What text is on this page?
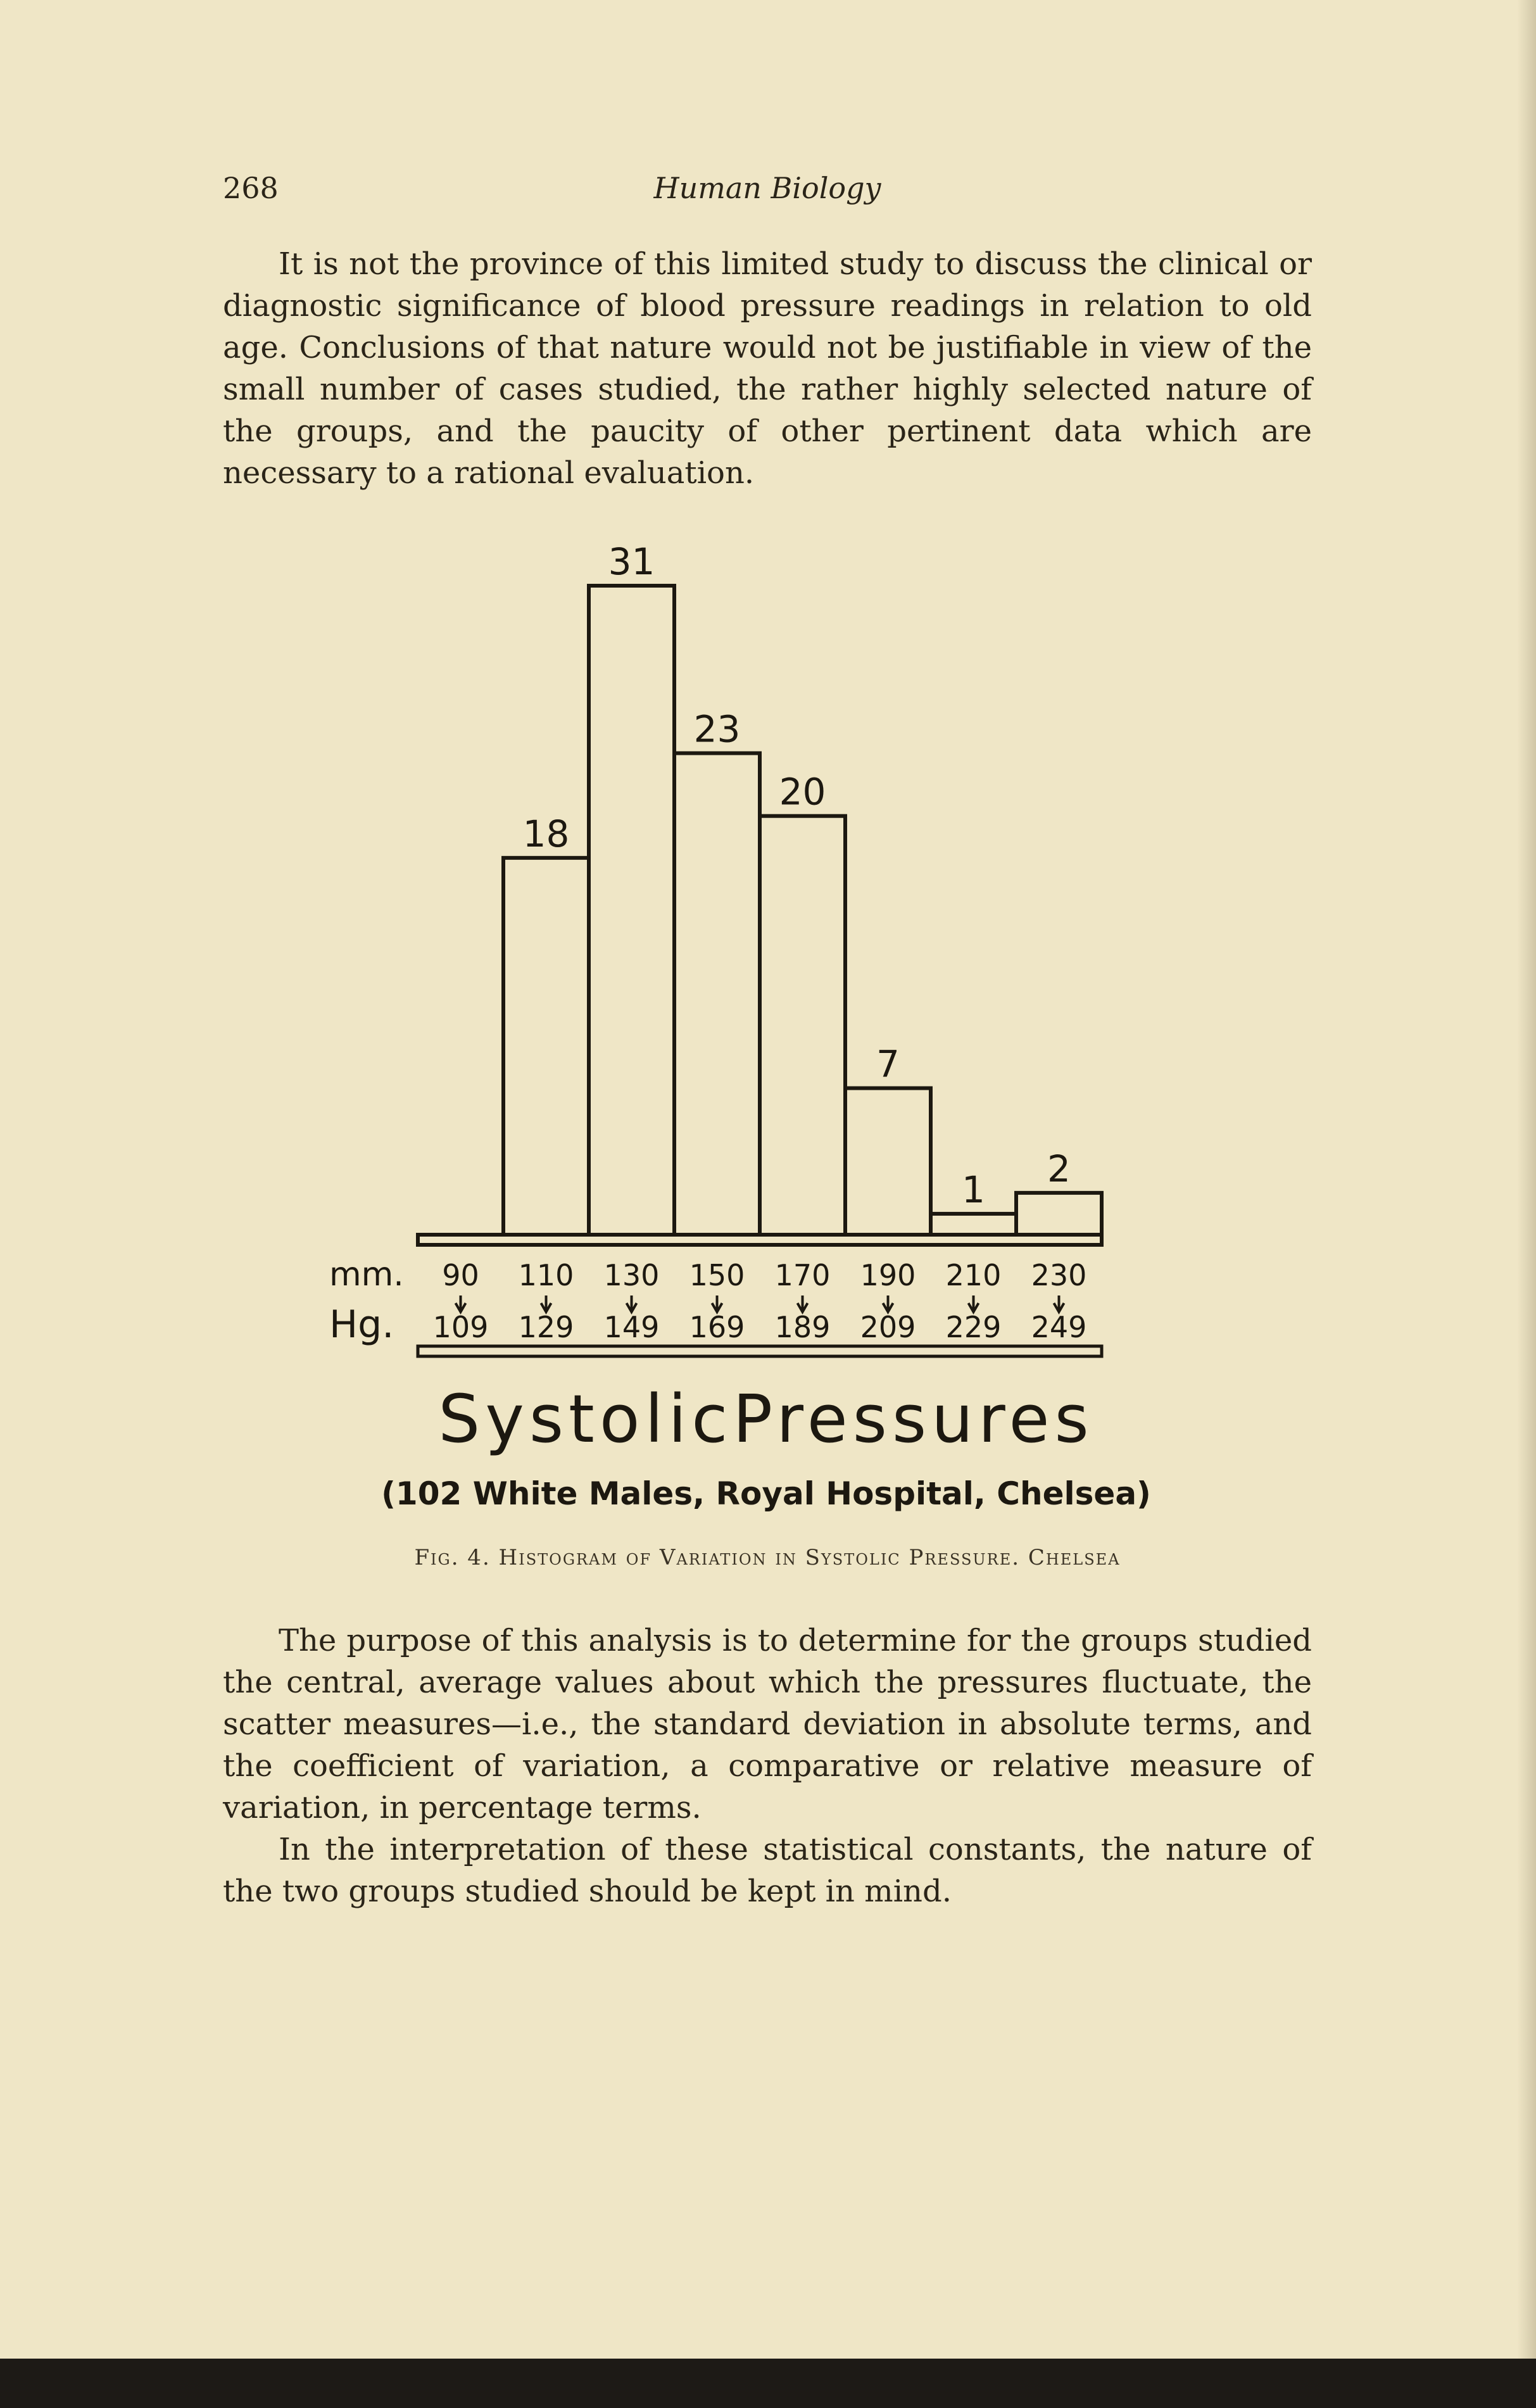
268	Human Biology

It is not the province of this limited study to discuss the clinical or diagnostic significance of blood pressure readings in relation to old age. Conclusions of that nature would not be justifiable in view of the small number of cases studied, the rather highly selected nature of the groups, and the paucity of other pertinent data which are necessary to a rational evaluation.

18
31
23
20
7
1 2
90
109
110
129
130
149
150
169
170
189
190
209
210
229
230
249
mm.
Hg.
SystolicPressures
(102 White Males, Royal Hospital, Chelsea)
Fig. 4. Histogram of Variation in Systolic Pressure. Chelsea

The purpose of this analysis is to determine for the groups studied the central, average values about which the pressures fluctuate, the scatter measures—i.e., the standard deviation in absolute terms, and the coefficient of variation, a comparative or relative measure of variation, in percentage terms.

In the interpretation of these statistical constants, the nature of the two groups studied should be kept in mind.
